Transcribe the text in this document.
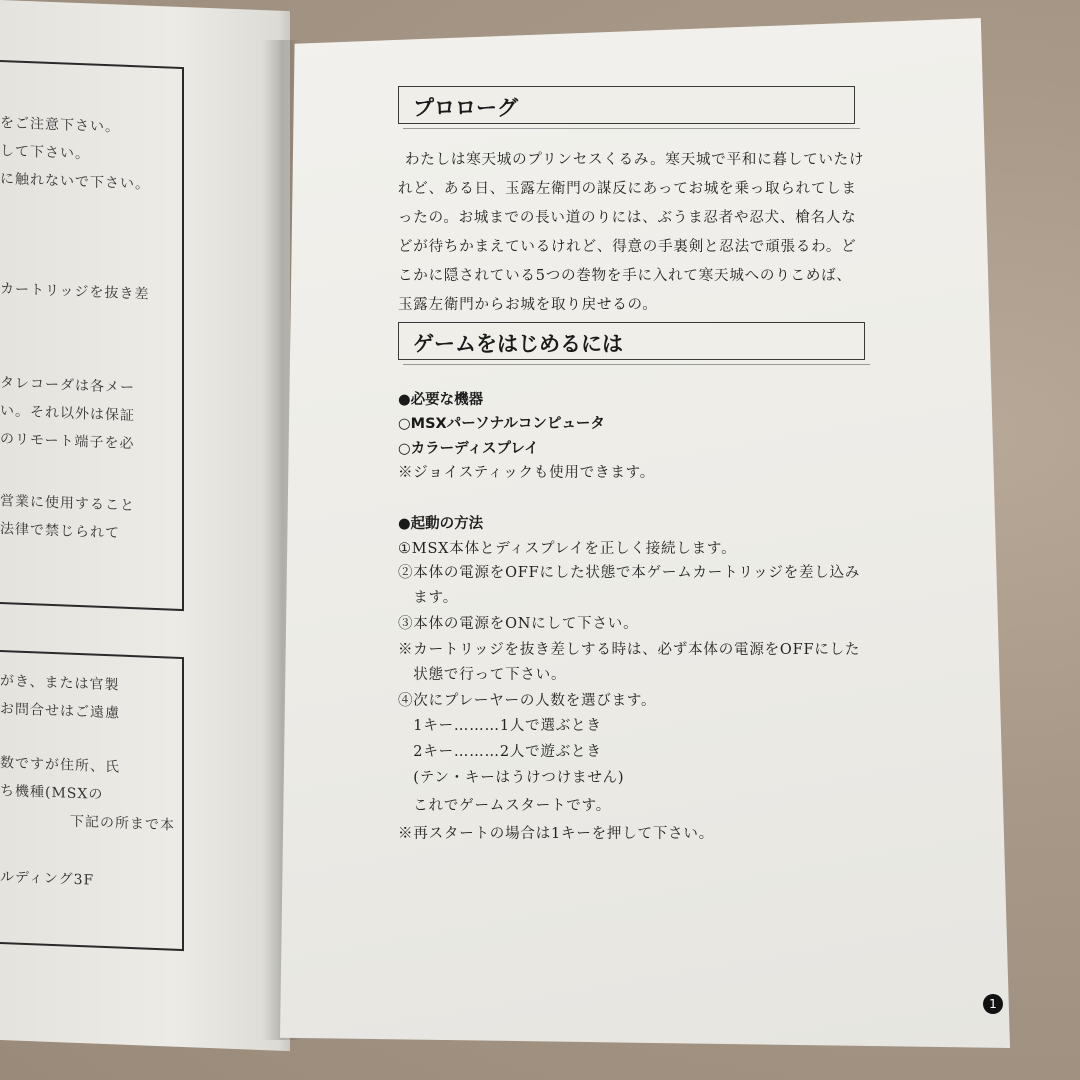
をご注意下さい。
して下さい。
に触れないで下さい。
カートリッジを抜き差
タレコーダは各メー
い。それ以外は保証
のリモート端子を必
営業に使用すること
法律で禁じられて
がき、または官製
お問合せはご遠慮
数ですが住所、氏
ち機種(MSXの
下記の所まで本
ルディング3F
プロローグ
わたしは寒天城のプリンセスくるみ。寒天城で平和に暮していたけ
れど、ある日、玉露左衛門の謀反にあってお城を乗っ取られてしま
ったの。お城までの長い道のりには、ぶうま忍者や忍犬、槍名人な
どが待ちかまえているけれど、得意の手裏剣と忍法で頑張るわ。ど
こかに隠されている5つの巻物を手に入れて寒天城へのりこめば、
玉露左衛門からお城を取り戻せるの。
ゲームをはじめるには
●必要な機器
○MSXパーソナルコンピュータ
○カラーディスプレイ
※ジョイスティックも使用できます。
●起動の方法
①MSX本体とディスプレイを正しく接続します。
②本体の電源をOFFにした状態で本ゲームカートリッジを差し込み
　ます。
③本体の電源をONにして下さい。
※カートリッジを抜き差しする時は、必ず本体の電源をOFFにした
　状態で行って下さい。
④次にプレーヤーの人数を選びます。
　1キー………1人で選ぶとき
　2キー………2人で遊ぶとき
　(テン・キーはうけつけません)
　これでゲームスタートです。
※再スタートの場合は1キーを押して下さい。
1
